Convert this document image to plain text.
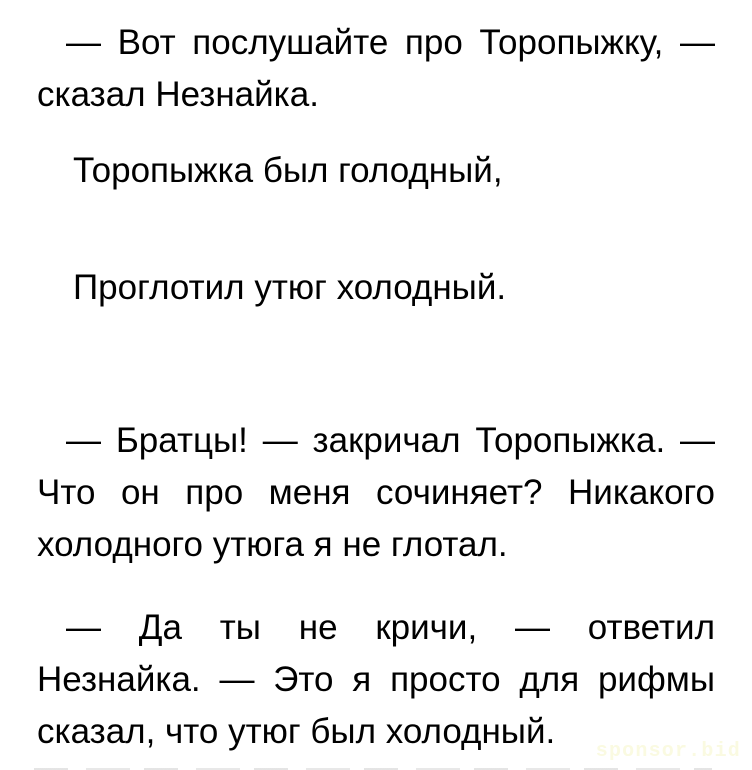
— Вот послушайте про Торопыжку, —
сказал Незнайка.
Торопыжка был голодный,
Проглотил утюг холодный.
— Братцы! — закричал Торопыжка. —
Что он про меня сочиняет? Никакого
холодного утюга я не глотал.
— Да ты не кричи, — ответил
Незнайка. — Это я просто для рифмы
сказал, что утюг был холодный.
sponsor.bid
